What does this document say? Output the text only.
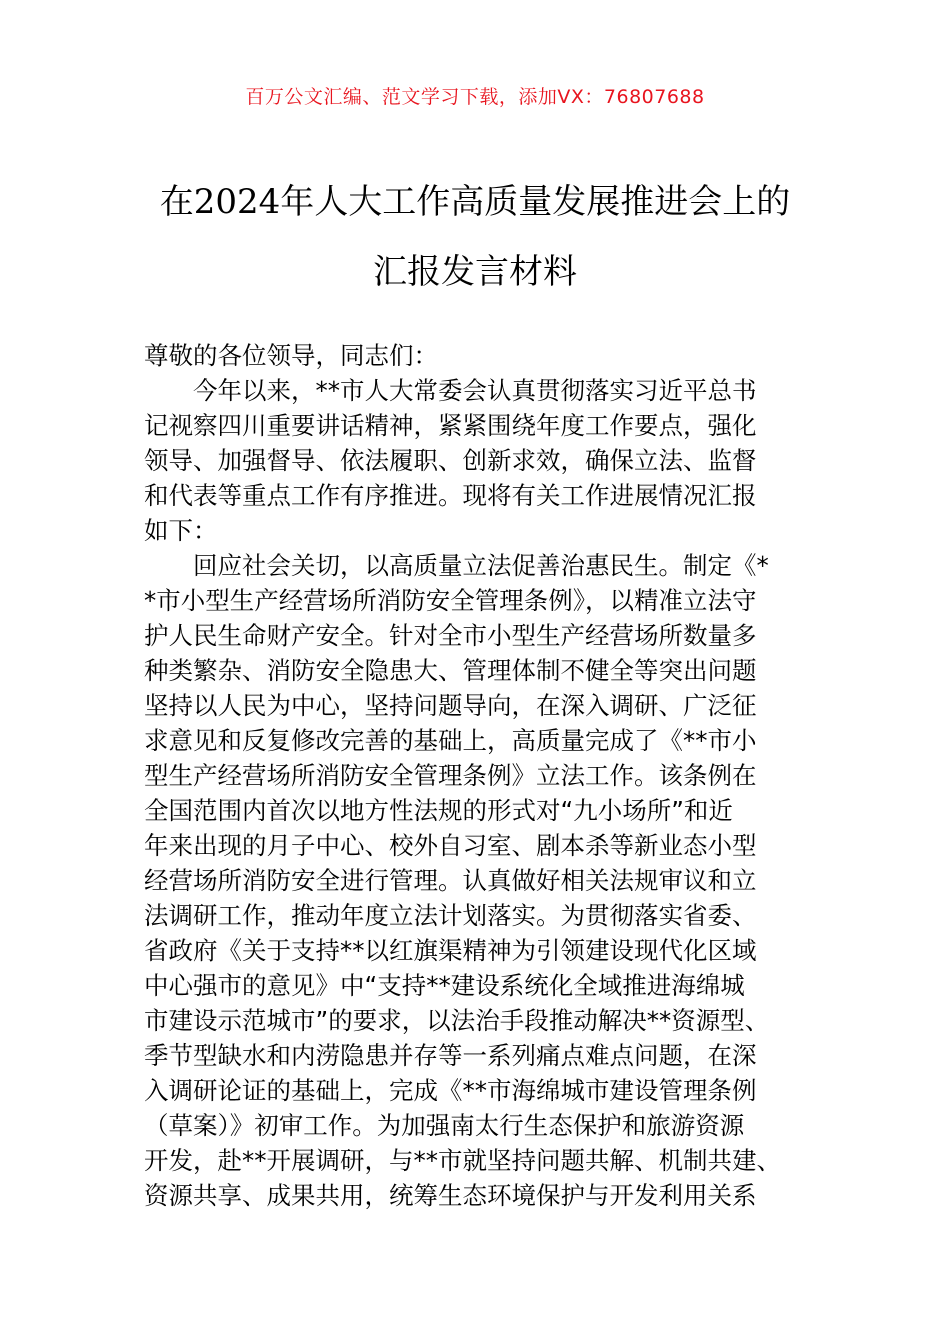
百万公文汇编、范文学习下载，添加VX：76807688
在2024年人大工作高质量发展推进会上的
汇报发言材料
尊敬的各位领导，同志们：
　　今年以来，**市人大常委会认真贯彻落实习近平总书
记视察四川重要讲话精神，紧紧围绕年度工作要点，强化
领导、加强督导、依法履职、创新求效，确保立法、监督
和代表等重点工作有序推进。现将有关工作进展情况汇报
如下：
　　回应社会关切，以高质量立法促善治惠民生。制定《*
*市小型生产经营场所消防安全管理条例》，以精准立法守
护人民生命财产安全。针对全市小型生产经营场所数量多
种类繁杂、消防安全隐患大、管理体制不健全等突出问题
坚持以人民为中心，坚持问题导向，在深入调研、广泛征
求意见和反复修改完善的基础上，高质量完成了《**市小
型生产经营场所消防安全管理条例》立法工作。该条例在
全国范围内首次以地方性法规的形式对“九小场所”和近
年来出现的月子中心、校外自习室、剧本杀等新业态小型
经营场所消防安全进行管理。认真做好相关法规审议和立
法调研工作，推动年度立法计划落实。为贯彻落实省委、
省政府《关于支持**以红旗渠精神为引领建设现代化区域
中心强市的意见》中“支持**建设系统化全域推进海绵城
市建设示范城市”的要求，以法治手段推动解决**资源型、
季节型缺水和内涝隐患并存等一系列痛点难点问题，在深
入调研论证的基础上，完成《**市海绵城市建设管理条例
（草案）》初审工作。为加强南太行生态保护和旅游资源
开发，赴**开展调研，与**市就坚持问题共解、机制共建、
资源共享、成果共用，统筹生态环境保护与开发利用关系
